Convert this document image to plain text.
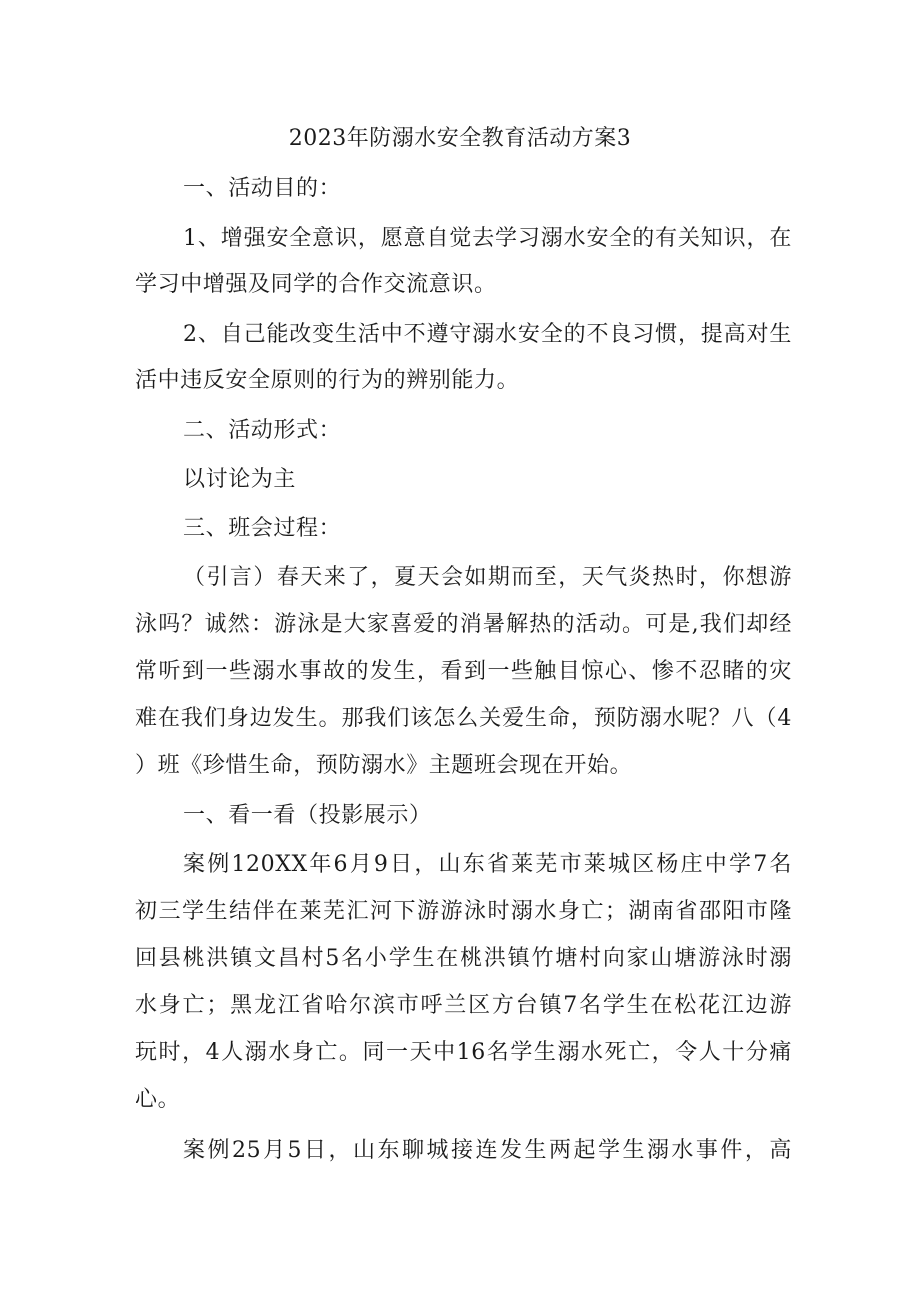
2023年防溺水安全教育活动方案3
一、活动目的：
1、增强安全意识，愿意自觉去学习溺水安全的有关知识，在
学习中增强及同学的合作交流意识。
2、自己能改变生活中不遵守溺水安全的不良习惯，提高对生
活中违反安全原则的行为的辨别能力。
二、活动形式：
以讨论为主
三、班会过程：
（引言）春天来了，夏天会如期而至，天气炎热时，你想游
泳吗？诚然：游泳是大家喜爱的消暑解热的活动。可是,我们却经
常听到一些溺水事故的发生，看到一些触目惊心、惨不忍睹的灾
难在我们身边发生。那我们该怎么关爱生命，预防溺水呢？八（4
）班《珍惜生命，预防溺水》主题班会现在开始。
一、看一看（投影展示）
案例120XX年6月9日，山东省莱芜市莱城区杨庄中学7名
初三学生结伴在莱芜汇河下游游泳时溺水身亡；湖南省邵阳市隆
回县桃洪镇文昌村5名小学生在桃洪镇竹塘村向家山塘游泳时溺
水身亡；黑龙江省哈尔滨市呼兰区方台镇7名学生在松花江边游
玩时，4人溺水身亡。同一天中16名学生溺水死亡，令人十分痛
心。
案例25月5日，山东聊城接连发生两起学生溺水事件，高
